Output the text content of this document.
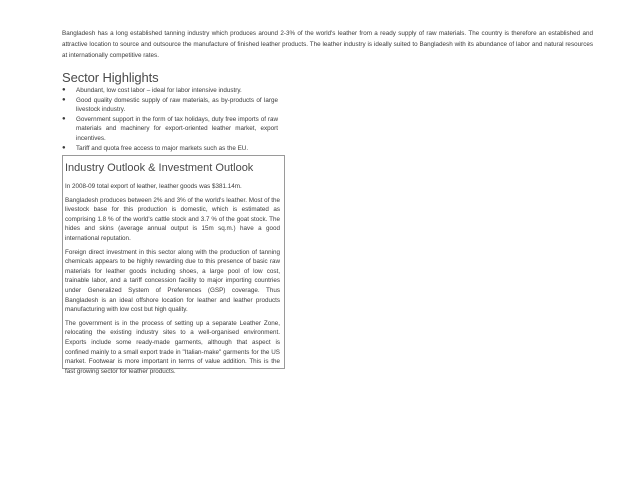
Bangladesh has a long established tanning industry which produces around 2-3% of the world's leather from a ready supply of raw materials. The country is therefore an established and attractive location to source and outsource the manufacture of finished leather products. The leather industry is ideally suited to Bangladesh with its abundance of labor and natural resources at internationally competitive rates.

Sector Highlights
● Abundant, low cost labor – ideal for labor intensive industry.
● Good quality domestic supply of raw materials, as by-products of large livestock industry.
● Government support in the form of tax holidays, duty free imports of raw materials and machinery for export-oriented leather market, export incentives.
● Tariff and quota free access to major markets such as the EU.
Industry Outlook & Investment Outlook

In 2008-09 total export of leather, leather goods was $381.14m.

Bangladesh produces between 2% and 3% of the world's leather. Most of the livestock base for this production is domestic, which is estimated as comprising 1.8 % of the world's cattle stock and 3.7 % of the goat stock. The hides and skins (average annual output is 15m sq.m.) have a good international reputation.

Foreign direct investment in this sector along with the production of tanning chemicals appears to be highly rewarding due to this presence of basic raw materials for leather goods including shoes, a large pool of low cost, trainable labor, and a tariff concession facility to major importing countries under Generalized System of Preferences (GSP) coverage. Thus Bangladesh is an ideal offshore location for leather and leather products manufacturing with low cost but high quality.

The government is in the process of setting up a separate Leather Zone, relocating the existing industry sites to a well-organised environment. Exports include some ready-made garments, although that aspect is confined mainly to a small export trade in "Italian-make" garments for the US market. Footwear is more important in terms of value addition. This is the fast growing sector for leather products.
